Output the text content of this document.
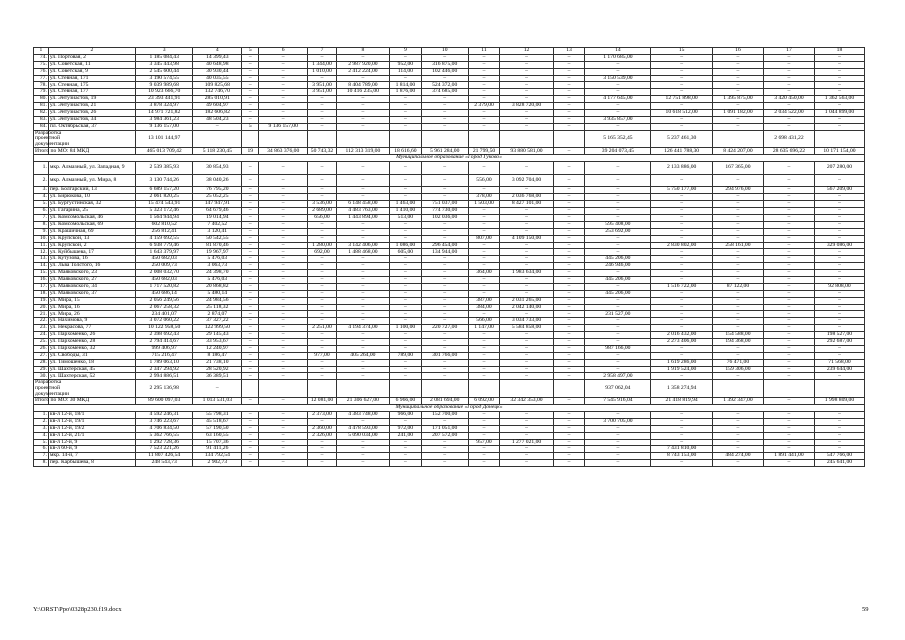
1	2	3	4	5	6	7	8	9	10	11	12	13	14	15	16	17	18
74.	ул. Портовая, 2	1 185 084,43	14 399,43	–	–	–	–	–	–	–	–	–	1 170 685,00	–	–	–	–
75.	ул. Советская, 11	3 345 443,98	40 648,98	–	–	1 344,00	2 987 920,00	952,00	316 875,00	–	–	–	–	–	–	–	–
76.	ул. Советская, 9	2 545 600,44	30 930,44	–	–	1 010,00	2 412 224,00	114,00	102 446,00	–	–	–	–	–	–	–	–
77.	ул. Стевная, 171	3 190 574,55	40 035,55	–	–	–	–	–	–	–	–	–	3 150 539,00	–	–	–	–
78.	ул. Стевная, 175	9 039 989,68	109 825,68	–	–	3 951,00	8 404 789,00	1 814,00	524 372,00	–	–	–	–	–	–	–	–
79.	ул. Стевная, 177	10 923 666,70	132 746,70	–	–	3 951,00	10 416 235,00	1 876,00	374 685,00	–	–	–	–	–	–	–	–
80.	ул. Энтузиастов, 19	23 393 441,91	285 010,91	–	–	–	–	–	–	–	–	–	4 177 645,00	12 751 898,00	1 395 875,00	3 420 450,00	1 362 563,00
81.	ул. Энтузиастов, 21	3 878 324,97	49 604,97	–	–	–	–	–	–	2 379,00	3 828 720,00	–	–	–	–	–	–
82.	ул. Энтузиастов, 26	14 971 721,82	182 606,82	–	–	–	–	–	–	–	–	–	–	10 618 512,00	1 091 182,00	2 034 522,00	1 044 899,00
83.	ул. Энтузиастов, 34	3 984 361,23	48 504,23	–	–	–	–	–	–	–	–	–	3 935 857,00	–	–	–	–
84.	пл. Октябрьская, 37	9 136 157,00	–	5	9 136 157,00	–	–	–	–	–	–	–	–	–	–	–	–
Разработка проектной документации		13 101 144,97											5 165 352,45	5 237 461,30		2 698 431,22	
Итого по МО: 84 МКД		465 013 709,42	5 118 230,45	19	34 863 376,00	50 743,32	112 313 319,00	18 616,60	5 961 284,00	21 799,50	93 880 581,00	–	39 204 073,45	126 441 788,30	8 424 207,00	28 635 696,22	10 171 154,00
Муниципальное образование «Город Гуково»																	
1.	мкр. Алмазный, ул. Западная, 9	2 539 385,93	30 854,93	–	–	–	–	–	–	–	–	–	–	2 133 886,00	167 365,00	–	207 280,00
2.	мкр. Алмазный, ул. Мира, 8	3 130 744,26	38 040,26	–	–	–	–	–	–	556,00	3 092 704,00	–	–	–	–	–	–
3.	пер. Болгарский, 13	6 689 157,20	76 795,20	–	–	–	–	–	–	–	–	–	–	5 750 177,00	294 976,00	–	567 209,00
4.	ул. Бирюкова, 10	2 061 820,25	25 052,25	–	–	–	–	–	–	378,00	2 036 768,00	–	–	–	–	–	–
5.	ул. Бургустинская, 32	15 474 543,91	147 947,91	–	–	3 536,00	6 148 458,00	1 463,00	751 037,00	1 503,00	8 427 101,00	–	–	–	–	–	–
6.	ул. Гагарина, 25	5 323 172,46	64 679,46	–	–	2 689,00	4 483 763,00	1 410,00	774 730,00	–	–	–	–	–	–	–	–
7.	ул. Комсомольская, 46	1 564 944,94	19 014,94	–	–	656,00	1 443 894,00	513,00	102 036,00	–	–	–	–	–	–	–	–
8.	ул. Комсомольская, 69	602 810,52	7 402,52	–	–	–	–	–	–	–	–	–	595 408,00	–	–	–	–
9.	ул. Крашичная, 69	256 812,41	3 120,41	–	–	–	–	–	–	–	–	–	253 692,00	–	–	–	–
10.	ул. Крупской, 13	4 159 692,55	50 542,55	–	–	–	–	–	–	807,00	4 109 150,00	–	–	–	–	–	–
11.	ул. Крупской, 2	6 938 779,46	81 870,46	–	–	1 280,00	3 142 406,00	1 086,00	296 454,00	–	–	–	–	2 830 802,00	258 161,00	–	329 086,00
12.	ул. Куйбышева, 17	1 643 379,97	19 967,97	–	–	692,00	1 488 468,00	605,00	134 944,00	–	–	–	–	–	–	–	–
13.	ул. Кутузова, 16	450 682,03	5 476,03	–	–	–	–	–	–	–	–	–	445 206,00	–	–	–	–
14.	ул. Льва Толстого, 16	250 009,73	3 063,73	–	–	–	–	–	–	–	–	–	246 946,00	–	–	–	–
15.	ул. Маяковского, 23	2 008 032,70	24 398,70	–	–	–	–	–	–	364,00	1 983 634,00	–	–	–	–	–	–
16.	ул. Маяковского, 27	450 682,03	5 476,03	–	–	–	–	–	–	–	–	–	445 206,00	–	–	–	–
17.	ул. Маяковского, 34	1 717 520,82	20 868,82	–	–	–	–	–	–	–	–	–	–	1 516 722,00	87 122,00	–	92 808,00
18.	ул. Маяковского, 37	450 686,14	5 480,14	–	–	–	–	–	–	–	–	–	445 206,00	–	–	–	–
19.	ул. Мира, 15	2 056 249,56	24 984,56	–	–	–	–	–	–	387,00	2 031 265,00	–	–	–	–	–	–
20.	ул. Мира, 16	2 067 258,32	25 118,32	–	–	–	–	–	–	384,00	2 042 140,00	–	–	–	–	–	–
21.	ул. Мира, 26	234 401,07	2 874,07	–	–	–	–	–	–	–	–	–	231 527,00	–	–	–	–
22.	ул. Нахимова, 9	3 072 060,22	37 327,22	–	–	–	–	–	–	566,00	3 034 733,00	–	–	–	–	–	–
23.	ул. Некрасова, 77	10 122 958,50	122 999,50	–	–	2 251,00	4 194 374,00	1 100,00	220 727,00	1 147,00	5 584 858,00	–	–	–	–	–	–
24.	ул. Пархоменко, 26	2 398 692,43	29 145,43	–	–	–	–	–	–	–	–	–	–	2 016 432,00	154 588,00	–	198 527,00
25.	ул. Пархоменко, 28	2 794 414,67	33 953,67	–	–	–	–	–	–	–	–	–	–	2 273 406,00	194 368,00	–	292 687,00
26.	ул. Пархоменко, 32	999 406,97	12 240,97	–	–	–	–	–	–	–	–	–	987 166,00	–	–	–	–
27.	ул. Свободы, 31	715 216,47	8 186,47	–	–	977,00	405 264,00	789,00	301 766,00	–	–	–	–	–	–	–	–
28.	ул. Тимошенко, 18	1 789 063,10	21 738,10	–	–	–	–	–	–	–	–	–	–	1 619 286,00	76 471,00	–	71 568,00
29.	ул. Шахтерская, 45	2 347 294,92	28 520,92	–	–	–	–	–	–	–	–	–	–	1 919 524,00	159 306,00	–	239 644,00
30.	ул. Шахтерская, 52	2 994 886,51	36 389,51	–	–	–	–	–	–	–	–	–	2 958 497,00	–	–	–	–
Разработка проектной документации		2 295 136,98	–										937 062,04	1 358 274,94			
Итого по МО: 30 МКД		89 600 097,03	1 013 531,03	–	–	12 081,00	21 306 627,00	6 966,00	2 081 694,00	6 092,00	32 342 353,00	–	7 545 916,04	21 418 819,94	1 392 347,00	–	1 998 809,00
Муниципальное образование «Город Донецк»																	
1.	кв-л 12-й, 18/1	4 592 246,31	55 798,31	–	–	2 373,00	4 383 748,00	966,00	152 700,00	–	–	–	–	–	–	–	–
2.	кв-л 12-й, 19/1	3 746 223,67	45 518,67	–	–	–	–	–	–	–	–	–	3 700 705,00	–	–	–	–
3.	кв-л 12-й, 19/2	4 706 834,50	57 190,50	–	–	2 360,00	4 478 593,00	972,00	171 051,00	–	–	–	–	–	–	–	–
4.	кв-л 12-й, 21/1	5 362 766,55	63 160,55	–	–	2 326,00	5 090 034,00	241,00	207 572,00	–	–	–	–	–	–	–	–
5.	кв-л 12-й, 9	1 292 728,36	15 707,36	–	–	–	–	–	–	957,00	1 277 021,00	–	–	–	–	–	–
6.	кв-л 60-й, 9	7 523 221,26	91 411,26	–	–	–	–	–	–	–	–	–	–	7 431 810,00	–	–	–
7.	мкр. 14-й, 7	11 807 426,54	134 792,54	–	–	–	–	–	–	–	–	–	–	8 743 153,00	484 274,00	1 891 441,00	547 766,00
8.	пер. Карбышева, 8	248 543,73	2 902,73	–	–	–	–	–	–	–	–	–	–	–	–	–	245 641,00
Y:\ORST\Ppo\0328p230.f19.docx	59
